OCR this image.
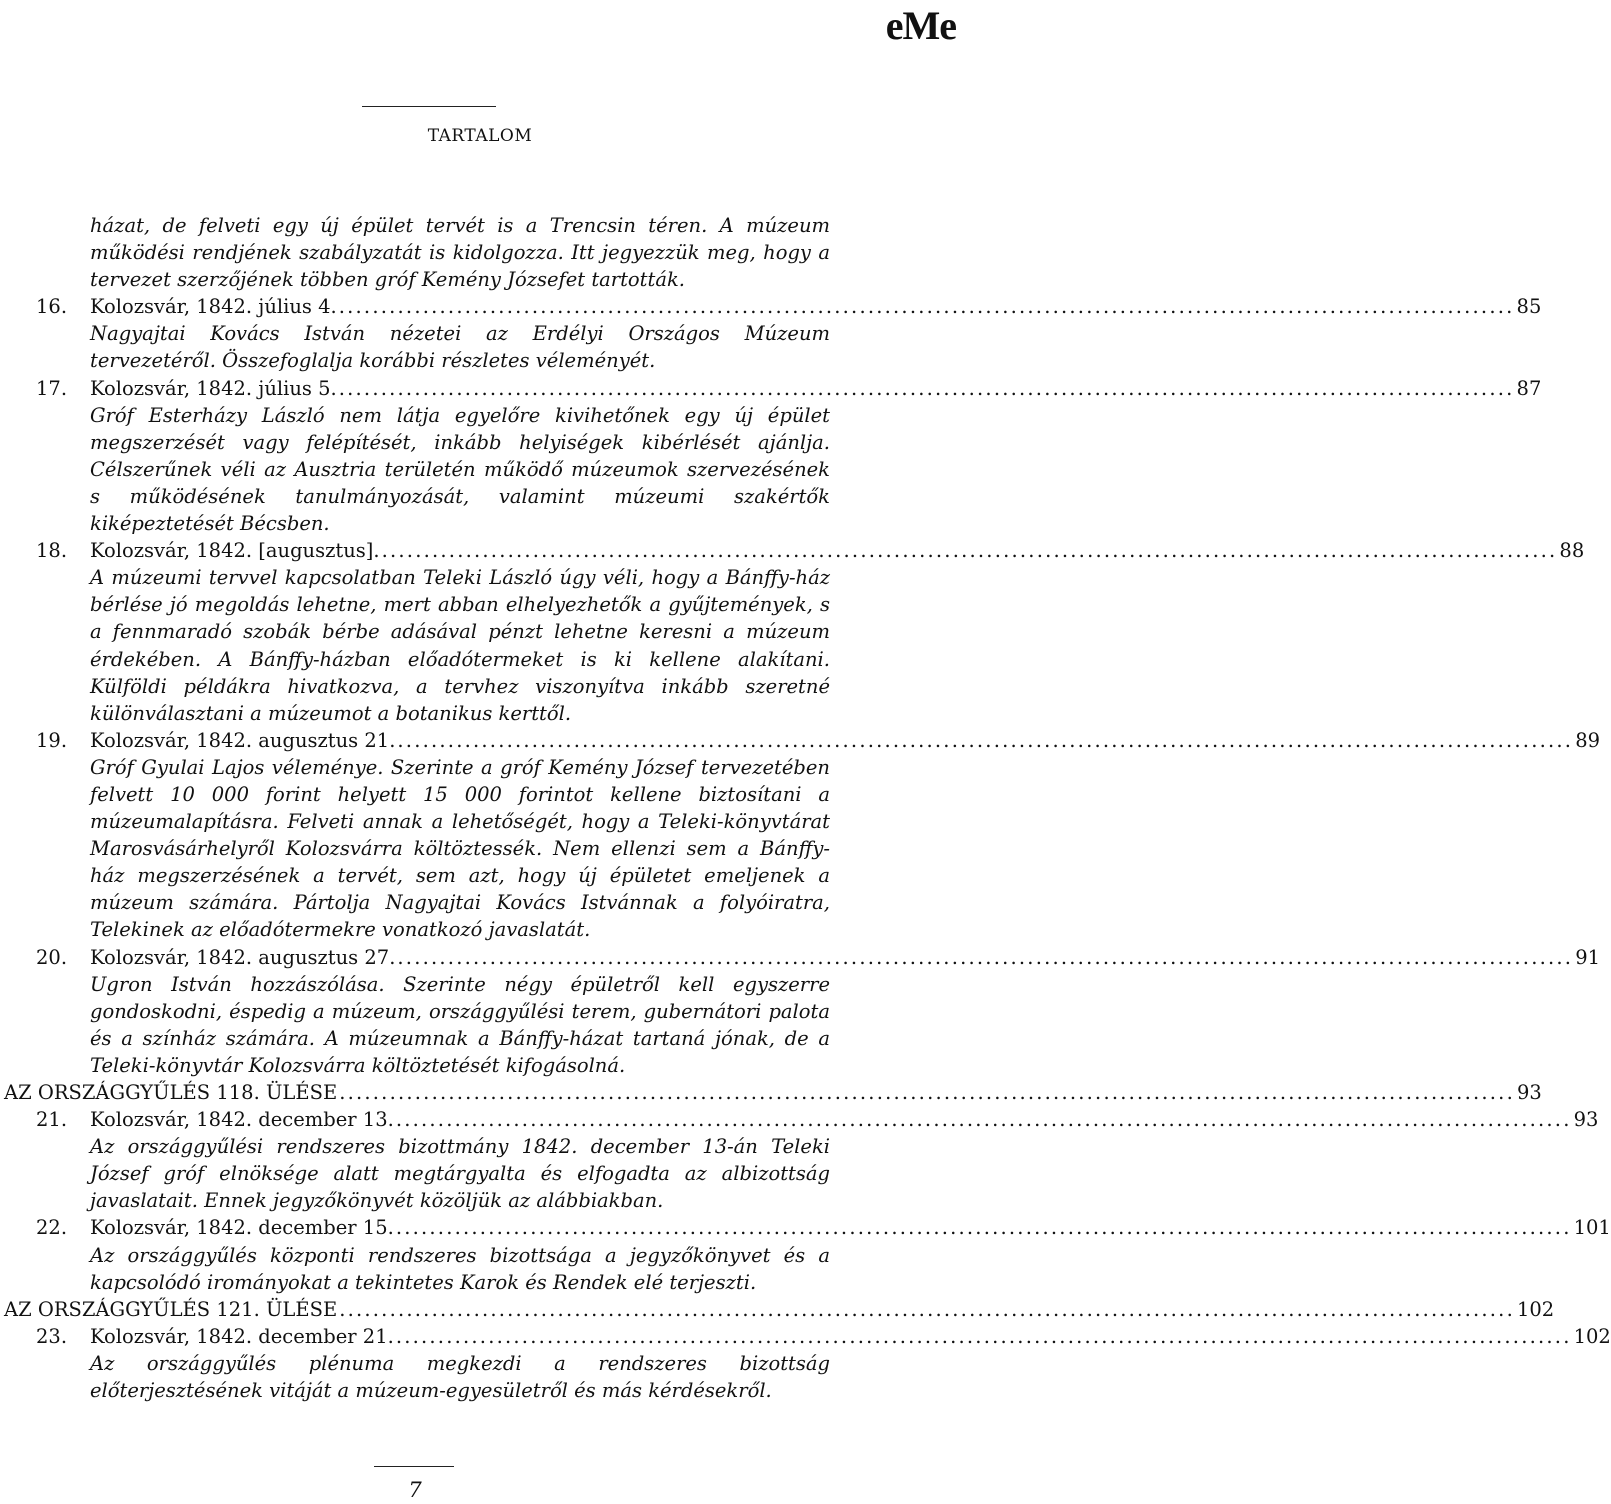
eMe
TARTALOM
házat, de felveti egy új épület tervét is a Trencsin téren. A múzeum működési rendjének szabályzatát is kidolgozza. Itt jegyezzük meg, hogy a tervezet szerzőjének többen gróf Kemény Józsefet tartották.
16.	Kolozsvár, 1842. július 4. ............................................................................................................................................ 85
Nagyajtai Kovács István nézetei az Erdélyi Országos Múzeum tervezetéről. Összefoglalja korábbi részletes véleményét.
17.	Kolozsvár, 1842. július 5. ............................................................................................................................................ 87
Gróf Esterházy László nem látja egyelőre kivihetőnek egy új épület megszerzését vagy felépítését, inkább helyiségek kibérlését ajánlja. Célszerűnek véli az Ausztria területén működő múzeumok szervezésének s működésének tanulmányozását, valamint múzeumi szakértők kiképeztetését Bécsben.
18.	Kolozsvár, 1842. [augusztus]. ............................................................................................................................................ 88
A múzeumi tervvel kapcsolatban Teleki László úgy véli, hogy a Bánffy-ház bérlése jó megoldás lehetne, mert abban elhelyezhetők a gyűjtemények, s a fennmaradó szobák bérbe adásával pénzt lehetne keresni a múzeum érdekében. A Bánffy-házban előadótermeket is ki kellene alakítani. Külföldi példákra hivatkozva, a tervhez viszonyítva inkább szeretné különválasztani a múzeumot a botanikus kerttől.
19.	Kolozsvár, 1842. augusztus 21. ............................................................................................................................................ 89
Gróf Gyulai Lajos véleménye. Szerinte a gróf Kemény József tervezetében felvett 10 000 forint helyett 15 000 forintot kellene biztosítani a múzeumalapításra. Felveti annak a lehetőségét, hogy a Teleki-könyvtárat Marosvásárhelyről Kolozsvárra költöztessék. Nem ellenzi sem a Bánffy-ház megszerzésének a tervét, sem azt, hogy új épületet emeljenek a múzeum számára. Pártolja Nagyajtai Kovács Istvánnak a folyóiratra, Telekinek az előadótermekre vonatkozó javaslatát.
20.	Kolozsvár, 1842. augusztus 27. ............................................................................................................................................ 91
Ugron István hozzászólása. Szerinte négy épületről kell egyszerre gondoskodni, éspedig a múzeum, országgyűlési terem, gubernátori palota és a színház számára. A múzeumnak a Bánffy-házat tartaná jónak, de a Teleki-könyvtár Kolozsvárra költöztetését kifogásolná.
AZ ORSZÁGGYŰLÉS 118. ÜLÉSE ............................................................................................................................................ 93
21.	Kolozsvár, 1842. december 13. ............................................................................................................................................ 93
Az országgyűlési rendszeres bizottmány 1842. december 13-án Teleki József gróf elnöksége alatt megtárgyalta és elfogadta az albizottság javaslatait. Ennek jegyzőkönyvét közöljük az alábbiakban.
22.	Kolozsvár, 1842. december 15. ............................................................................................................................................ 101
Az országgyűlés központi rendszeres bizottsága a jegyzőkönyvet és a kapcsolódó irományokat a tekintetes Karok és Rendek elé terjeszti.
AZ ORSZÁGGYŰLÉS 121. ÜLÉSE ............................................................................................................................................ 102
23.	Kolozsvár, 1842. december 21. ............................................................................................................................................ 102
Az országgyűlés plénuma megkezdi a rendszeres bizottság előterjesztésének vitáját a múzeum-egyesületről és más kérdésekről.
7
